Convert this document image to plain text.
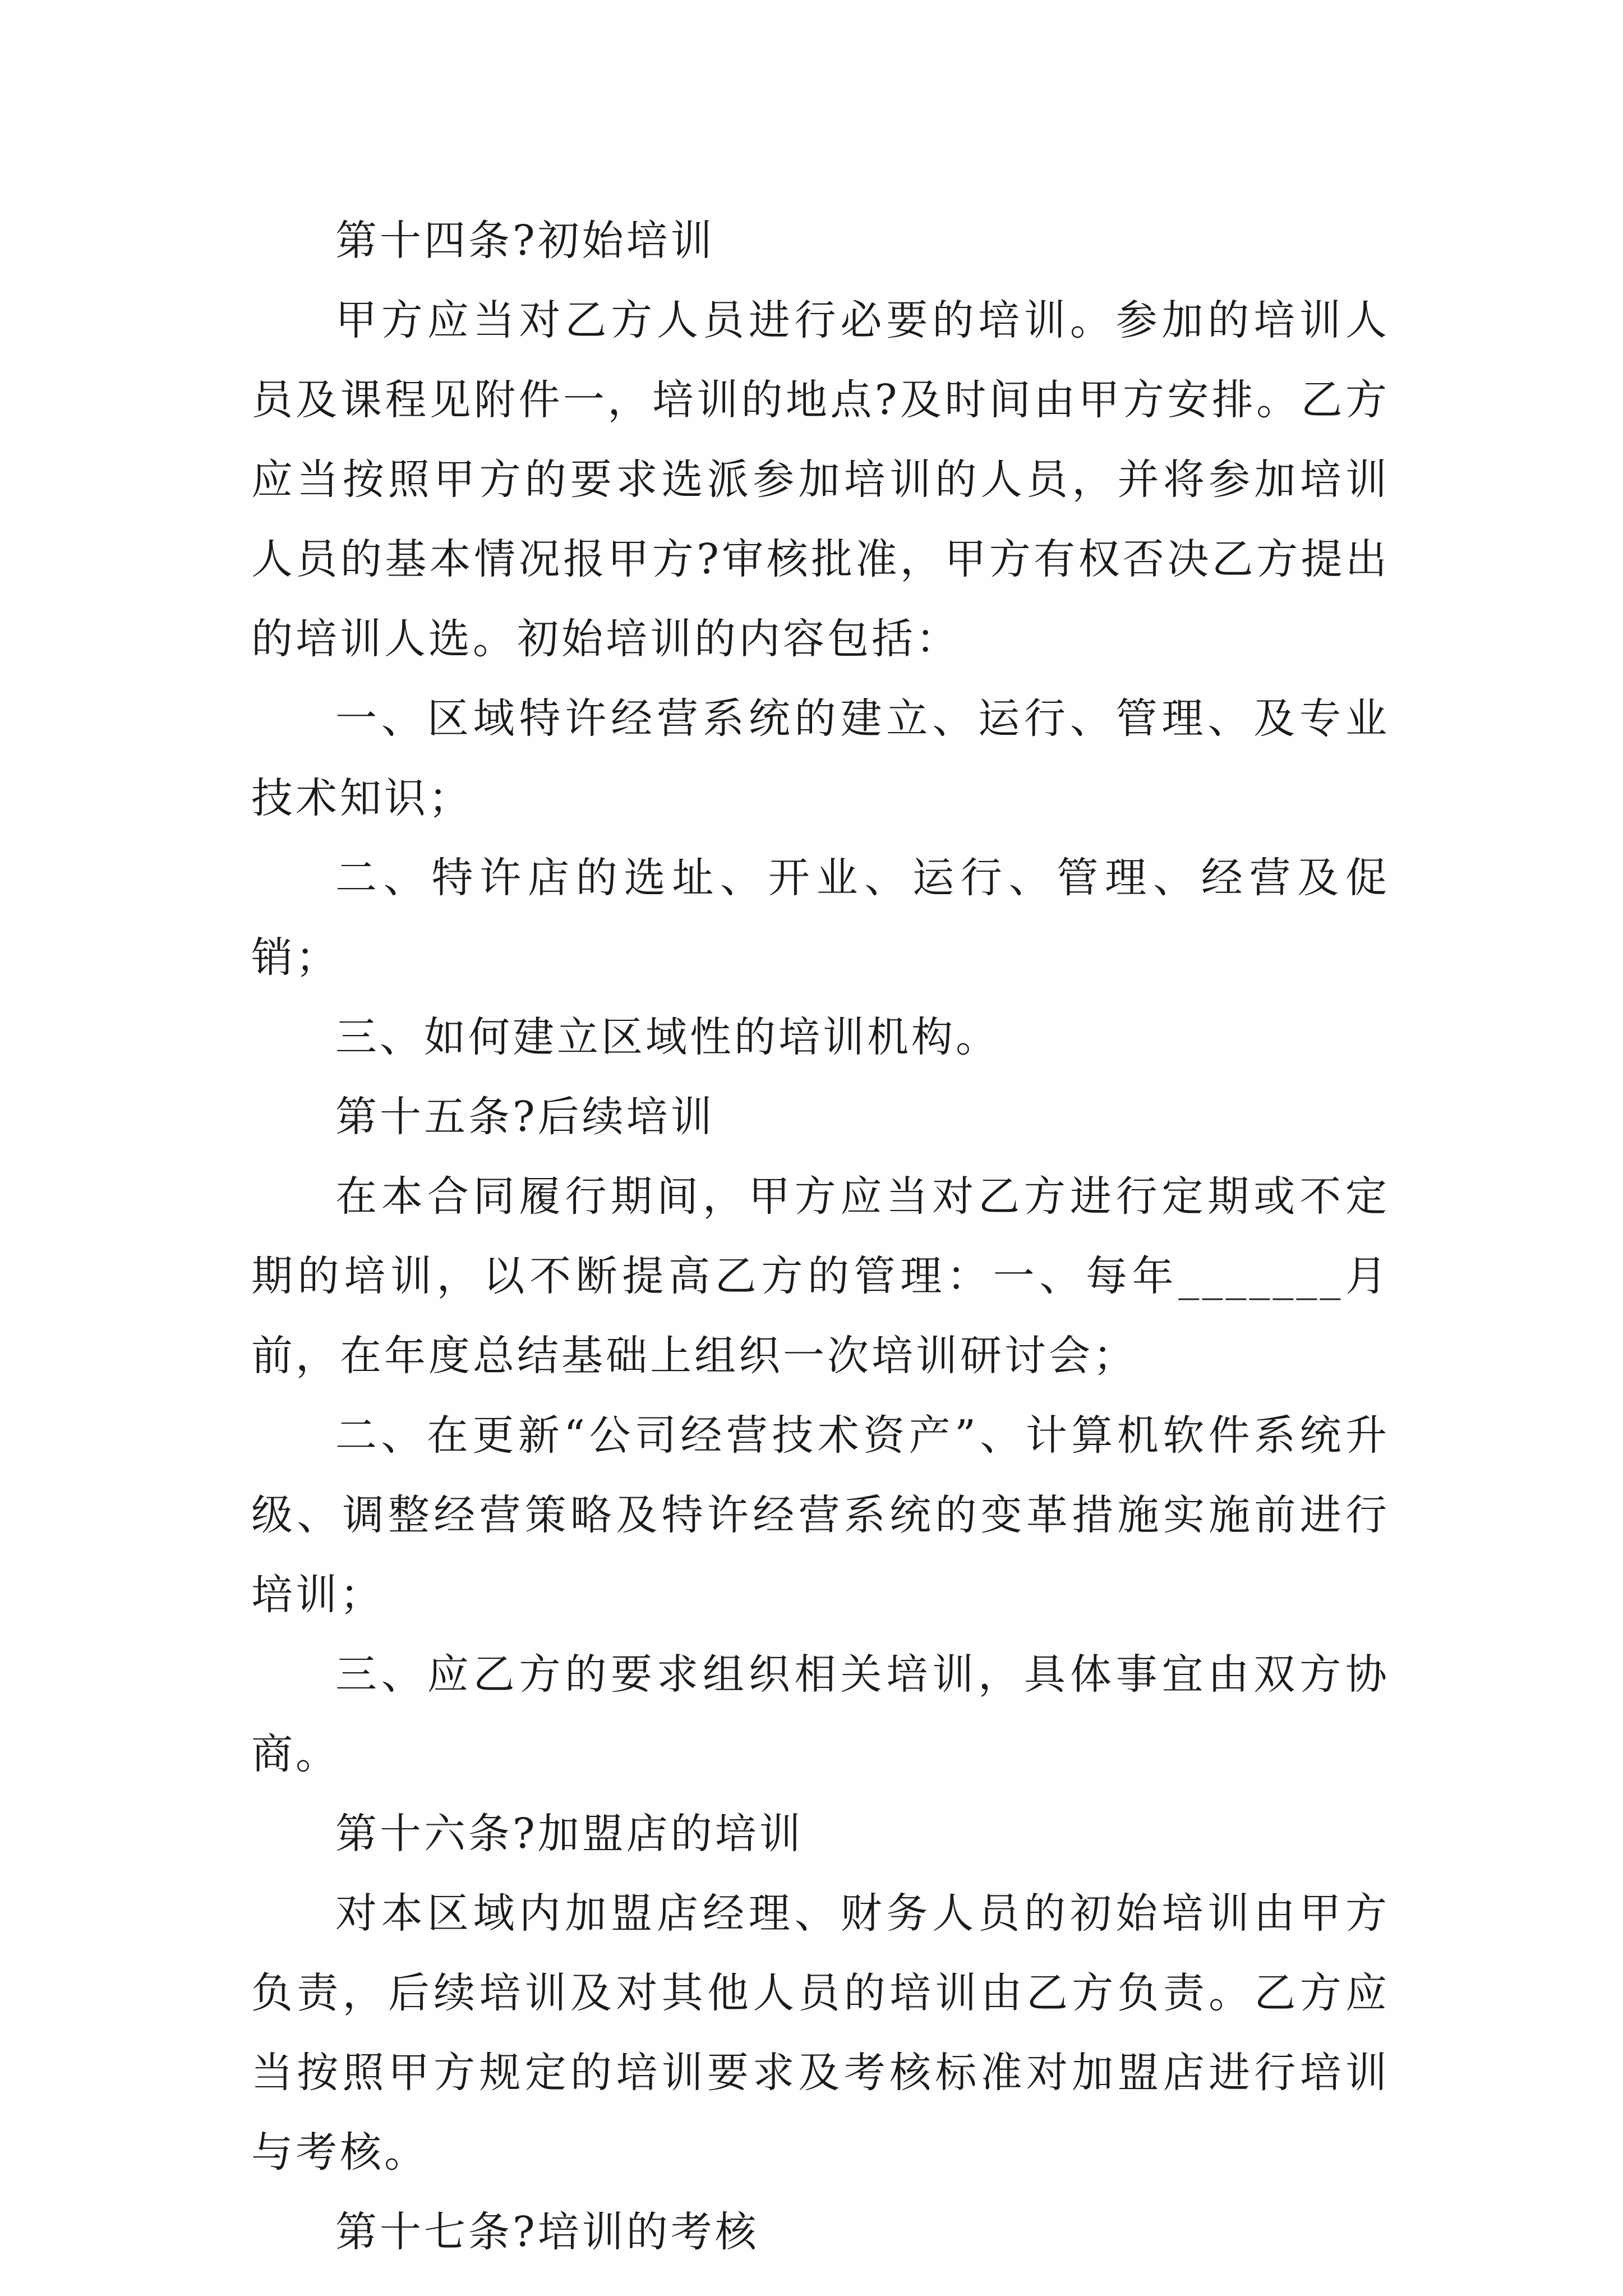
第十四条?初始培训

甲方应当对乙方人员进行必要的培训。参加的培训人员及课程见附件一，培训的地点?及时间由甲方安排。乙方应当按照甲方的要求选派参加培训的人员，并将参加培训人员的基本情况报甲方?审核批准，甲方有权否决乙方提出的培训人选。初始培训的内容包括：

一、区域特许经营系统的建立、运行、管理、及专业技术知识；

二、特许店的选址、开业、运行、管理、经营及促销；

三、如何建立区域性的培训机构。

第十五条?后续培训

在本合同履行期间，甲方应当对乙方进行定期或不定期的培训，以不断提高乙方的管理：一、每年_______月前，在年度总结基础上组织一次培训研讨会；

二、在更新“公司经营技术资产”、计算机软件系统升级、调整经营策略及特许经营系统的变革措施实施前进行培训；

三、应乙方的要求组织相关培训，具体事宜由双方协商。

第十六条?加盟店的培训

对本区域内加盟店经理、财务人员的初始培训由甲方负责，后续培训及对其他人员的培训由乙方负责。乙方应当按照甲方规定的培训要求及考核标准对加盟店进行培训与考核。

第十七条?培训的考核
